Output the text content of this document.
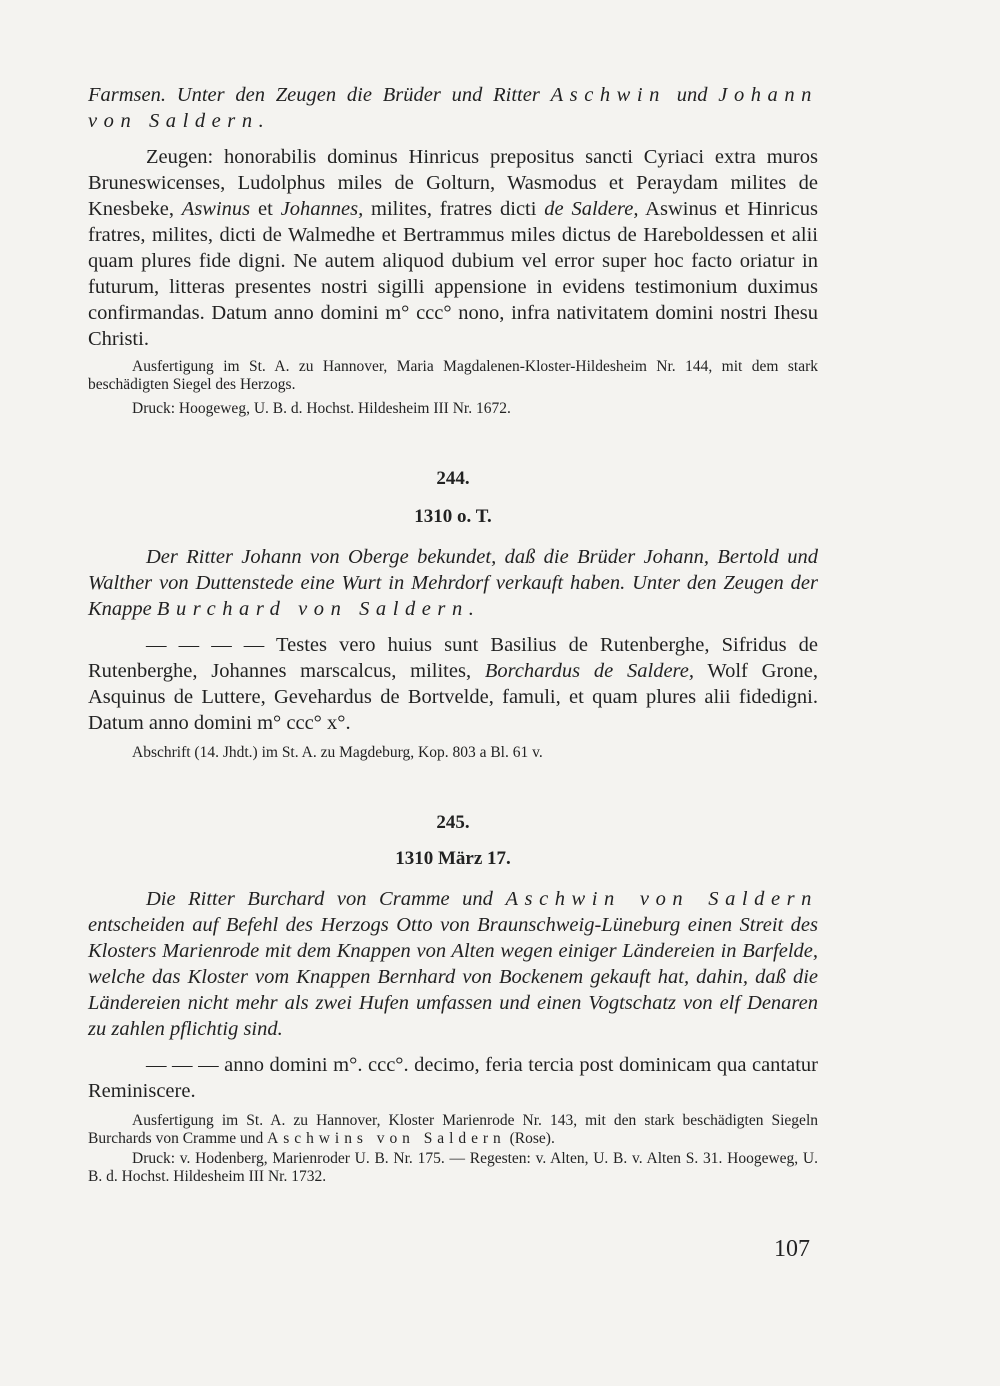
Farmsen. Unter den Zeugen die Brüder und Ritter Aschwin und Johann von Saldern.

Zeugen: honorabilis dominus Hinricus prepositus sancti Cyriaci extra muros Bruneswicenses, Ludolphus miles de Golturn, Wasmodus et Peraydam milites de Knesbeke, Aswinus et Johannes, milites, fratres dicti de Saldere, Aswinus et Hinricus fratres, milites, dicti de Walmedhe et Bertrammus miles dictus de Hareboldessen et alii quam plures fide digni. Ne autem aliquod dubium vel error super hoc facto oriatur in futurum, litteras presentes nostri sigilli appensione in evidens testimonium duximus confirmandas. Datum anno domini m° ccc° nono, infra nativitatem domini nostri Ihesu Christi.

Ausfertigung im St. A. zu Hannover, Maria Magdalenen-Kloster-Hildesheim Nr. 144, mit dem stark beschädigten Siegel des Herzogs.

Druck: Hoogeweg, U. B. d. Hochst. Hildesheim III Nr. 1672.

244.

1310 o. T.

Der Ritter Johann von Oberge bekundet, daß die Brüder Johann, Bertold und Walther von Duttenstede eine Wurt in Mehrdorf verkauft haben. Unter den Zeugen der Knappe Burchard von Saldern.

— — — — Testes vero huius sunt Basilius de Rutenberghe, Sifridus de Rutenberghe, Johannes marscalcus, milites, Borchardus de Saldere, Wolf Grone, Asquinus de Luttere, Gevehardus de Bortvelde, famuli, et quam plures alii fidedigni. Datum anno domini m° ccc° x°.

Abschrift (14. Jhdt.) im St. A. zu Magdeburg, Kop. 803 a Bl. 61 v.

245.

1310 März 17.

Die Ritter Burchard von Cramme und Aschwin von Saldern entscheiden auf Befehl des Herzogs Otto von Braunschweig-Lüneburg einen Streit des Klosters Marienrode mit dem Knappen von Alten wegen einiger Ländereien in Barfelde, welche das Kloster vom Knappen Bernhard von Bockenem gekauft hat, dahin, daß die Ländereien nicht mehr als zwei Hufen umfassen und einen Vogtschatz von elf Denaren zu zahlen pflichtig sind.

— — — anno domini m°. ccc°. decimo, feria tercia post dominicam qua cantatur Reminiscere.

Ausfertigung im St. A. zu Hannover, Kloster Marienrode Nr. 143, mit den stark beschädigten Siegeln Burchards von Cramme und Aschwins von Saldern (Rose).

Druck: v. Hodenberg, Marienroder U. B. Nr. 175. — Regesten: v. Alten, U. B. v. Alten S. 31. Hoogeweg, U. B. d. Hochst. Hildesheim III Nr. 1732.

107
